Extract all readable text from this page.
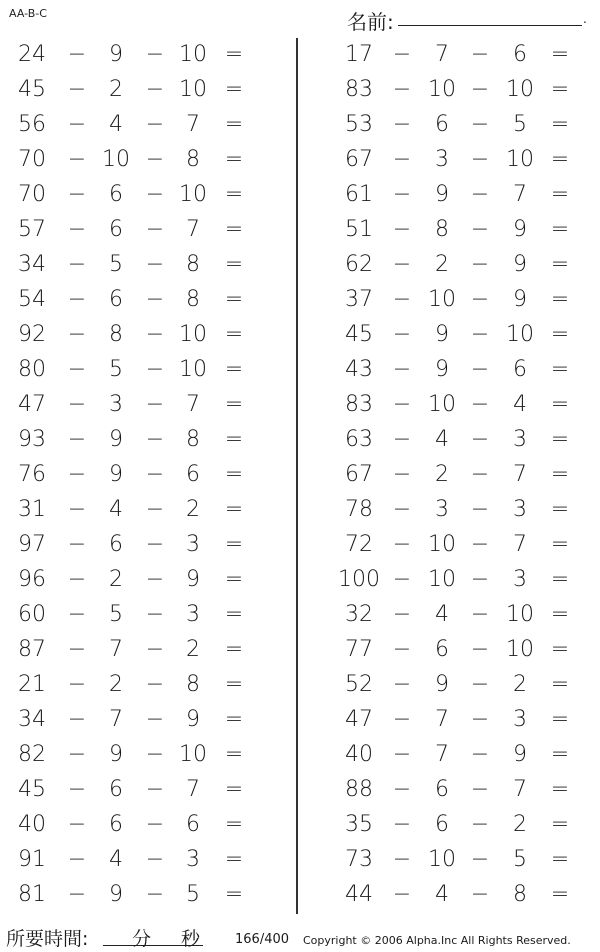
AA-B-C	名前:	.
24 −	9	− 10 =
45 −	2	− 10 =
56 −	4	− 7	=
70 − 10 − 8	=
70 −	6	− 10 =
57 −	6	− 7	=
34 −	5	− 8	=
54 −	6	− 8	=
92 −	8	− 10 =
80 −	5	− 10 =
47 −	3	− 7	=
93 −	9	− 8	=
76 −	9	− 6	=
31 −	4	− 2	=
97 −	6	− 3	=
96 −	2	− 9	=
60 −	5	− 3	=
87 −	7	− 2	=
21 −	2	− 8	=
34 −	7	− 9	=
82 −	9	− 10 =
45 −	6	− 7	=
40 −	6	− 6	=
91 −	4	− 3	=
81 −	9	− 5	=
17 −	7 −	6	=
83 − 10 − 10 =
53 −	6 −	5	=
67 −	3 − 10 =
61 −	9 −	7	=
51 −	8 −	9	=
62 −	2 −	9	=
37 − 10 −	9	=
45 −	9 − 10 =
43 −	9 −	6	=
83 − 10 −	4	=
63 −	4 −	3	=
67 −	2 −	7	=
78 −	3 −	3	=
72 − 10 −	7	=
100 − 10 −	3	=
32 −	4 − 10 =
77 −	6 − 10 =
52 −	9 −	2	=
47 −	7 −	3	=
40 −	7 −	9	=
88 −	6 −	7	=
35 −	6 −	2	=
73 − 10 −	5	=
44 −	4 −	8	=
所要時間: 分 秒	166/400 Copyright © 2006 Alpha.Inc All Rights Reserved.
